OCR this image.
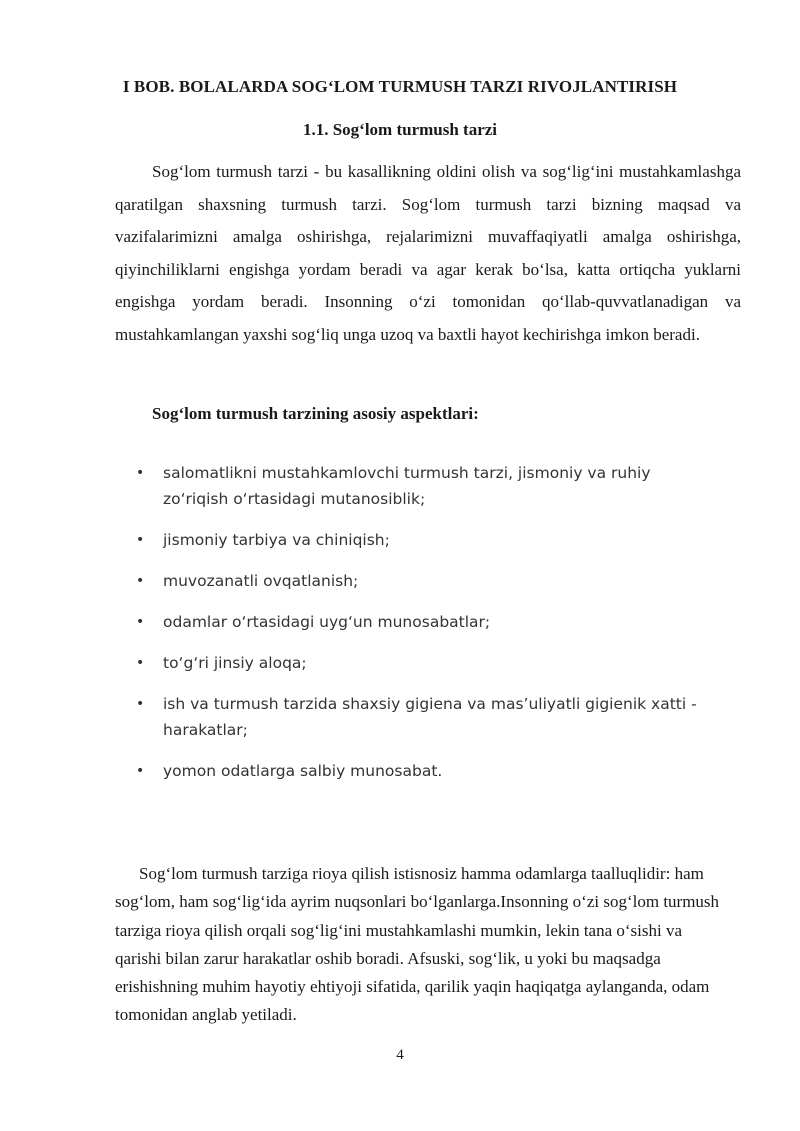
I BOB. BOLALARDA SOG‘LOM TURMUSH TARZI RIVOJLANTIRISH
1.1. Sog‘lom turmush tarzi

Sog‘lom turmush tarzi - bu kasallikning oldini olish va sog‘lig‘ini mustahkamlashga qaratilgan shaxsning turmush tarzi. Sog‘lom turmush tarzi bizning maqsad va vazifalarimizni amalga oshirishga, rejalarimizni muvaffaqiyatli amalga oshirishga, qiyinchiliklarni engishga yordam beradi va agar kerak bo‘lsa, katta ortiqcha yuklarni engishga yordam beradi. Insonning o‘zi tomonidan qo‘llab-quvvatlanadigan va mustahkamlangan yaxshi sog‘liq unga uzoq va baxtli hayot kechirishga imkon beradi.

Sog‘lom turmush tarzining asosiy aspektlari:

• salomatlikni mustahkamlovchi turmush tarzi, jismoniy va ruhiy zo‘riqish o‘rtasidagi mutanosiblik;
• jismoniy tarbiya va chiniqish;
• muvozanatli ovqatlanish;
• odamlar o‘rtasidagi uyg‘un munosabatlar;
• to‘g‘ri jinsiy aloqa;
• ish va turmush tarzida shaxsiy gigiena va mas’uliyatli gigienik xatti - harakatlar;
• yomon odatlarga salbiy munosabat.

Sog‘lom turmush tarziga rioya qilish istisnosiz hamma odamlarga taalluqlidir: ham sog‘lom, ham sog‘lig‘ida ayrim nuqsonlari bo‘lganlarga.Insonning o‘zi sog‘lom turmush tarziga rioya qilish orqali sog‘lig‘ini mustahkamlashi mumkin, lekin tana o‘sishi va qarishi bilan zarur harakatlar oshib boradi. Afsuski, sog‘lik, u yoki bu maqsadga erishishning muhim hayotiy ehtiyoji sifatida, qarilik yaqin haqiqatga aylanganda, odam tomonidan anglab yetiladi.

4
